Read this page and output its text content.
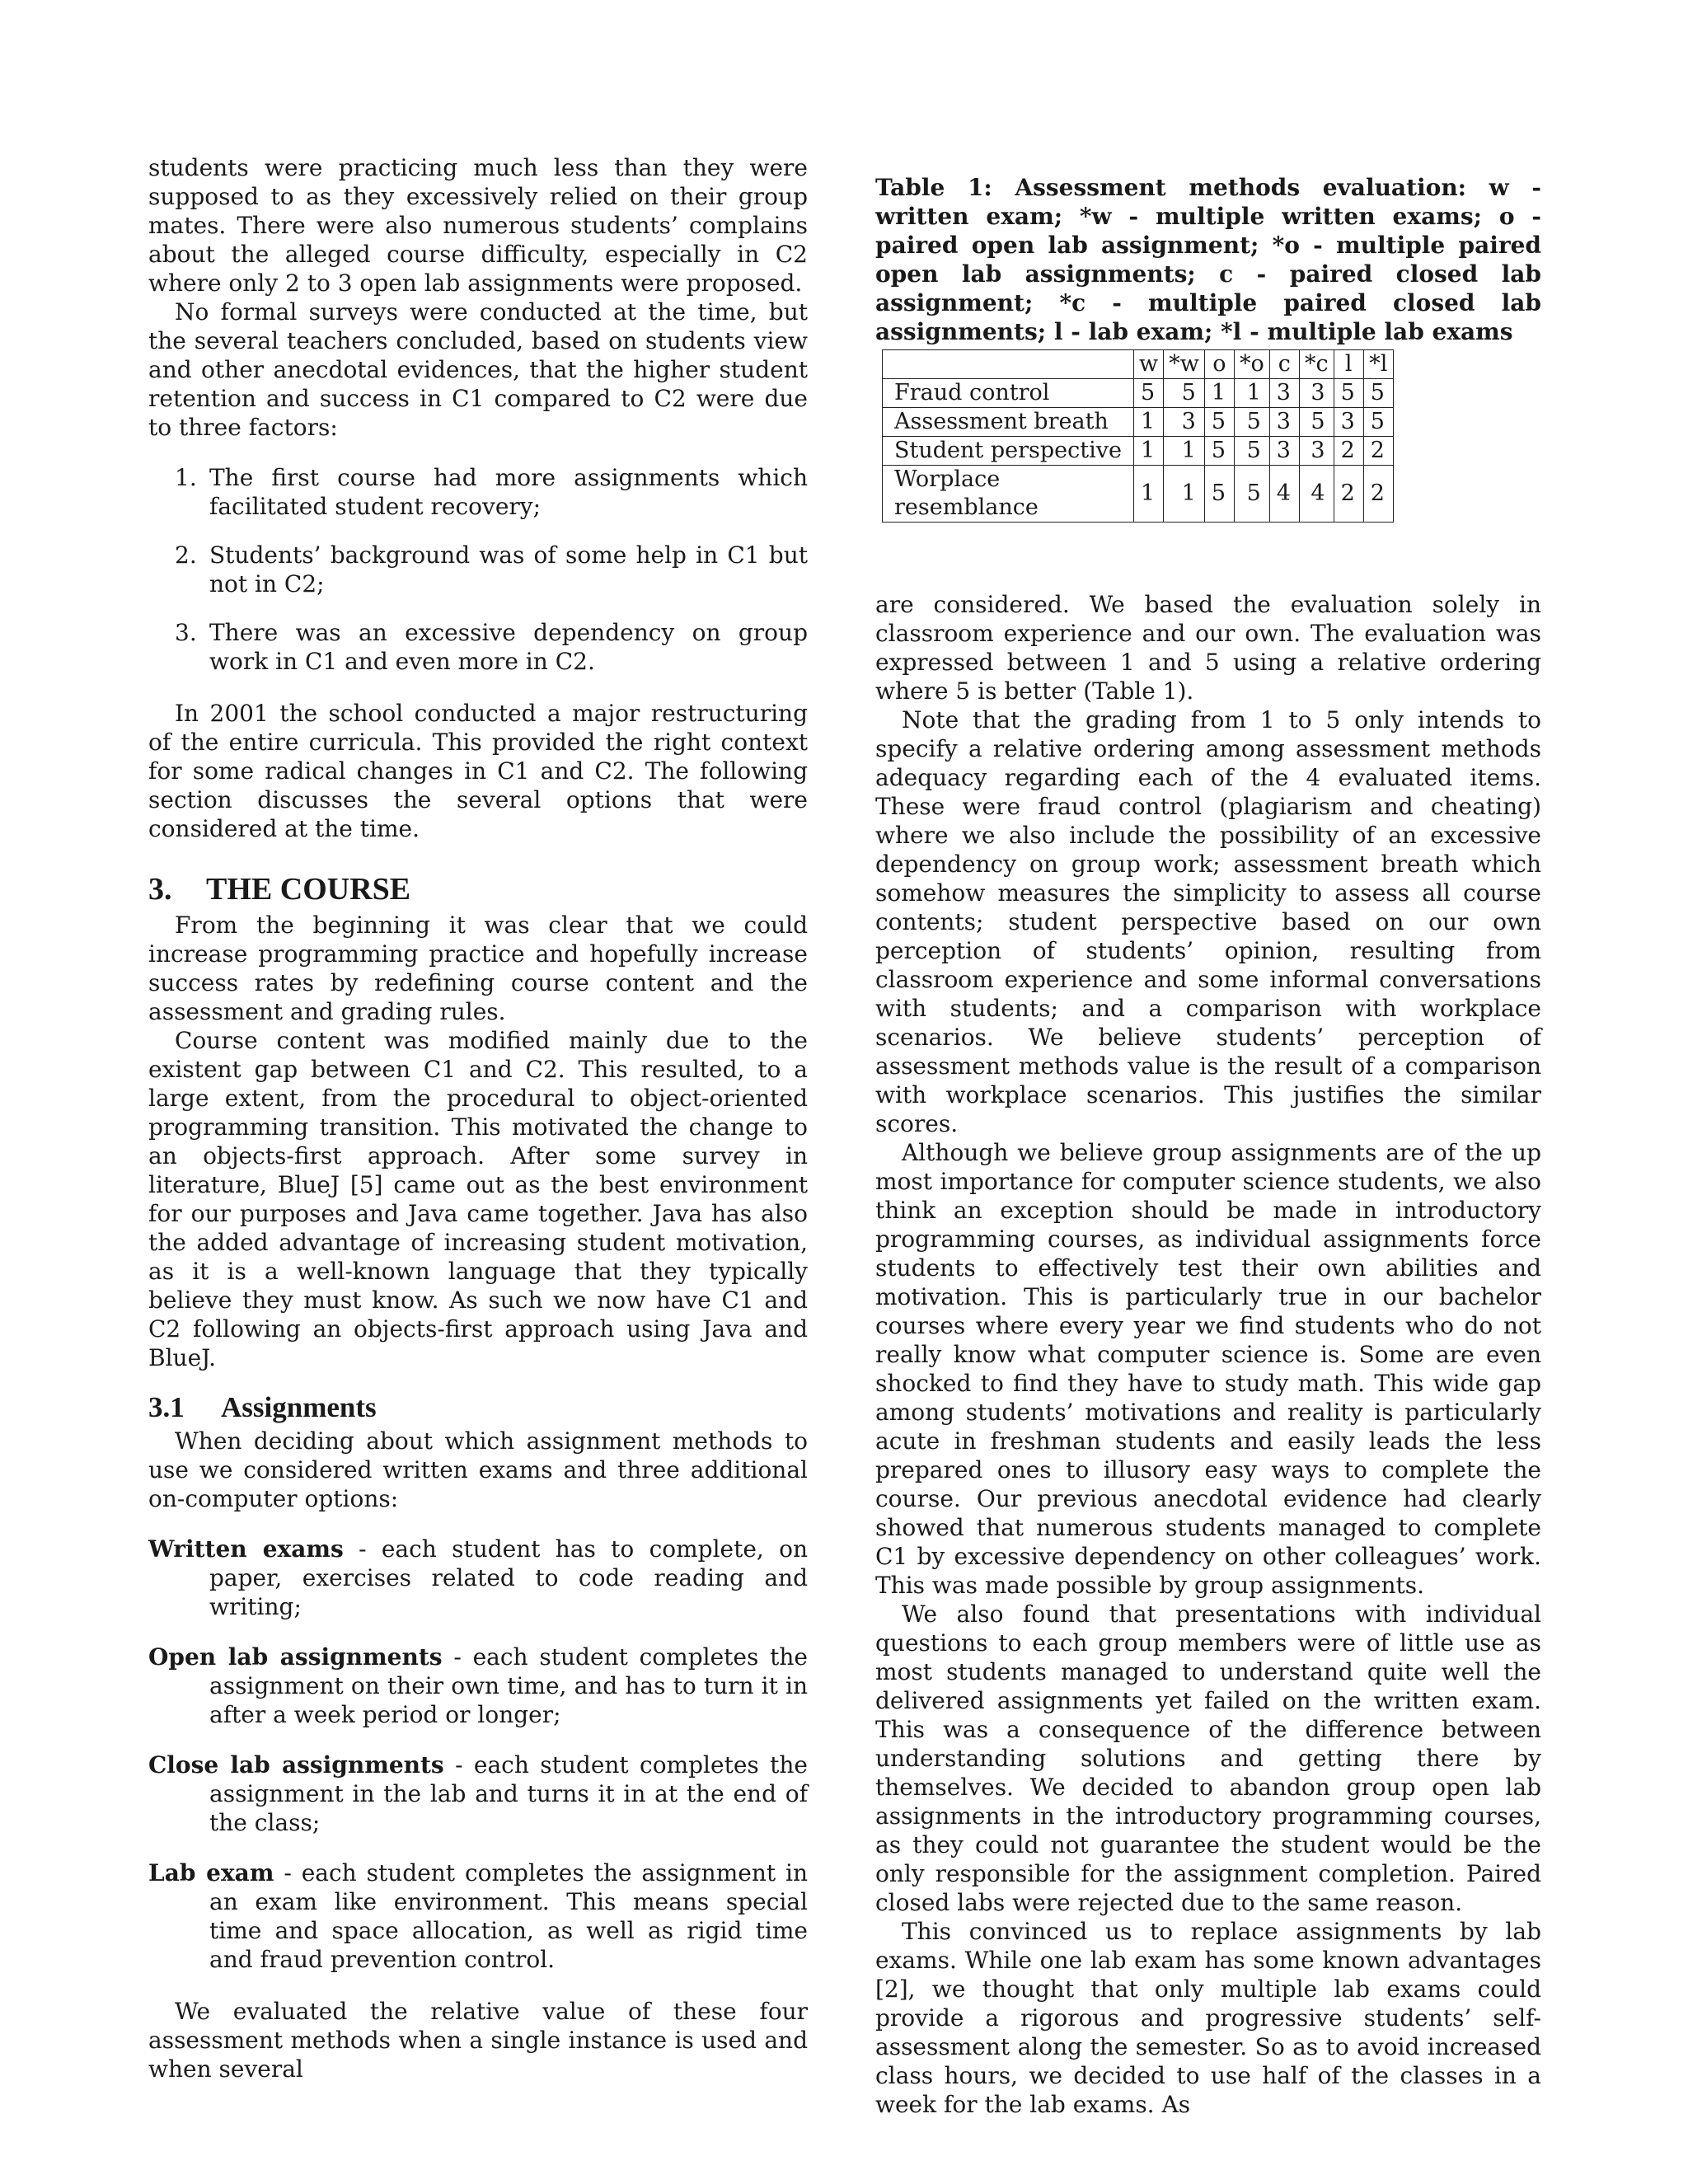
students were practicing much less than they were supposed to as they excessively relied on their group mates. There were also numerous students’ complains about the alleged course difficulty, especially in C2 where only 2 to 3 open lab assignments were proposed.

No formal surveys were conducted at the time, but the several teachers concluded, based on students view and other anecdotal evidences, that the higher student retention and success in C1 compared to C2 were due to three factors:

1. The first course had more assignments which facilitated student recovery;
2. Students’ background was of some help in C1 but not in C2;
3. There was an excessive dependency on group work in C1 and even more in C2.

In 2001 the school conducted a major restructuring of the entire curricula. This provided the right context for some radical changes in C1 and C2. The following section discusses the several options that were considered at the time.

3. THE COURSE

From the beginning it was clear that we could increase programming practice and hopefully increase success rates by redefining course content and the assessment and grading rules.

Course content was modified mainly due to the existent gap between C1 and C2. This resulted, to a large extent, from the procedural to object-oriented programming transition. This motivated the change to an objects-first approach. After some survey in literature, BlueJ [5] came out as the best environment for our purposes and Java came together. Java has also the added advantage of increasing student motivation, as it is a well-known language that they typically believe they must know. As such we now have C1 and C2 following an objects-first approach using Java and BlueJ.

3.1 Assignments

When deciding about which assignment methods to use we considered written exams and three additional on-computer options:

Written exams - each student has to complete, on paper, exercises related to code reading and writing;
Open lab assignments - each student completes the assignment on their own time, and has to turn it in after a week period or longer;
Close lab assignments - each student completes the assignment in the lab and turns it in at the end of the class;
Lab exam - each student completes the assignment in an exam like environment. This means special time and space allocation, as well as rigid time and fraud prevention control.

We evaluated the relative value of these four assessment methods when a single instance is used and when several

Table 1: Assessment methods evaluation: w - written exam; *w - multiple written exams; o - paired open lab assignment; *o - multiple paired open lab assignments; c - paired closed lab assignment; *c - multiple paired closed lab assignments; l - lab exam; *l - multiple lab exams
	w	*w	o	*o	c	*c	l	*l
Fraud control	5	5	1	1	3	3	5	5
Assessment breath	1	3	5	5	3	5	3	5
Student perspective	1	1	5	5	3	3	2	2
Worplace resemblance	1	1	5	5	4	4	2	2

are considered. We based the evaluation solely in classroom experience and our own. The evaluation was expressed between 1 and 5 using a relative ordering where 5 is better (Table 1).

Note that the grading from 1 to 5 only intends to specify a relative ordering among assessment methods adequacy regarding each of the 4 evaluated items. These were fraud control (plagiarism and cheating) where we also include the possibility of an excessive dependency on group work; assessment breath which somehow measures the simplicity to assess all course contents; student perspective based on our own perception of students’ opinion, resulting from classroom experience and some informal conversations with students; and a comparison with workplace scenarios. We believe students’ perception of assessment methods value is the result of a comparison with workplace scenarios. This justifies the similar scores.

Although we believe group assignments are of the up most importance for computer science students, we also think an exception should be made in introductory programming courses, as individual assignments force students to effectively test their own abilities and motivation. This is particularly true in our bachelor courses where every year we find students who do not really know what computer science is. Some are even shocked to find they have to study math. This wide gap among students’ motivations and reality is particularly acute in freshman students and easily leads the less prepared ones to illusory easy ways to complete the course. Our previous anecdotal evidence had clearly showed that numerous students managed to complete C1 by excessive dependency on other colleagues’ work. This was made possible by group assignments.

We also found that presentations with individual questions to each group members were of little use as most students managed to understand quite well the delivered assignments yet failed on the written exam. This was a consequence of the difference between understanding solutions and getting there by themselves. We decided to abandon group open lab assignments in the introductory programming courses, as they could not guarantee the student would be the only responsible for the assignment completion. Paired closed labs were rejected due to the same reason.

This convinced us to replace assignments by lab exams. While one lab exam has some known advantages [2], we thought that only multiple lab exams could provide a rigorous and progressive students’ self-assessment along the semester. So as to avoid increased class hours, we decided to use half of the classes in a week for the lab exams. As
